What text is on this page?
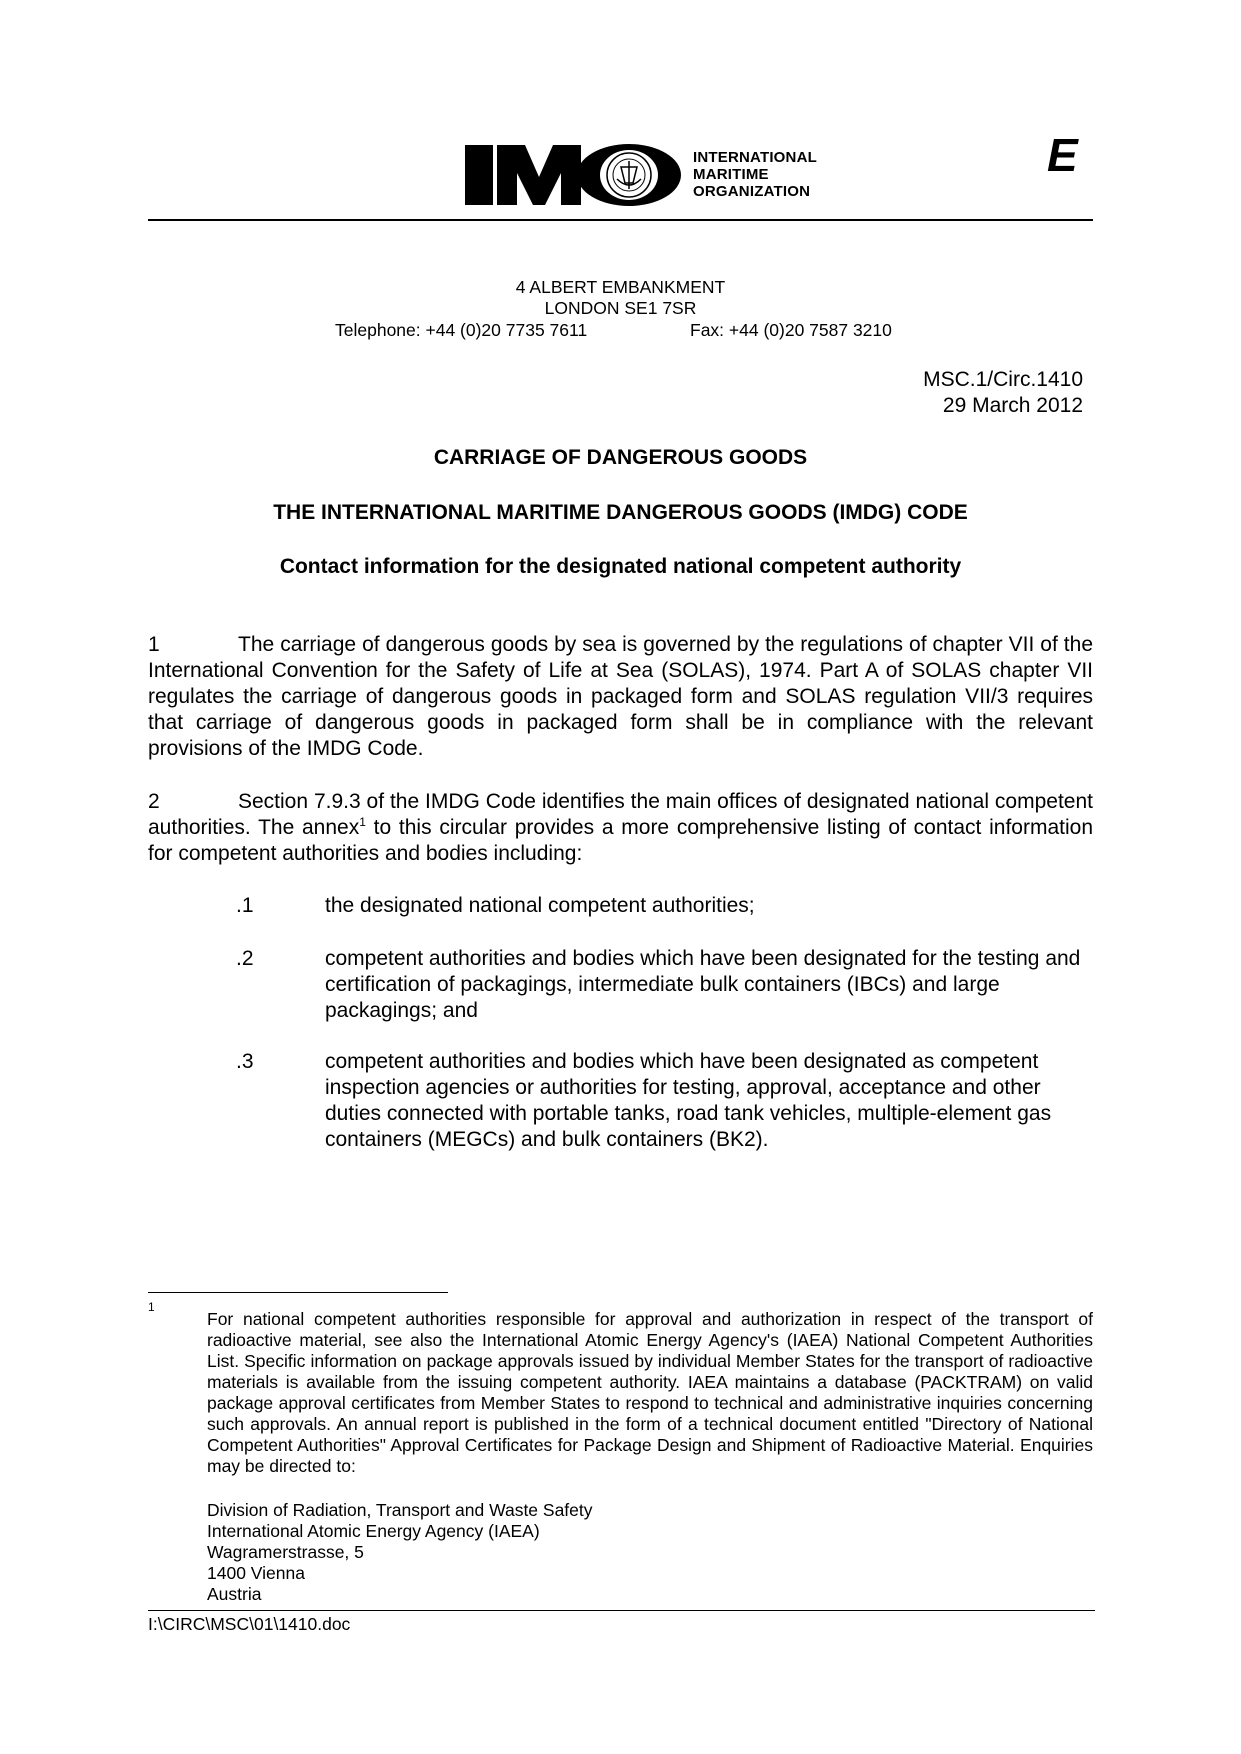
INTERNATIONAL
MARITIME
ORGANIZATION
E
4 ALBERT EMBANKMENT
LONDON SE1 7SR
Telephone: +44 (0)20 7735 7611	Fax: +44 (0)20 7587 3210
MSC.1/Circ.1410
29 March 2012
CARRIAGE OF DANGEROUS GOODS
THE INTERNATIONAL MARITIME DANGEROUS GOODS (IMDG) CODE
Contact information for the designated national competent authority
1	The carriage of dangerous goods by sea is governed by the regulations of chapter VII of the International Convention for the Safety of Life at Sea (SOLAS), 1974. Part A of SOLAS chapter VII regulates the carriage of dangerous goods in packaged form and SOLAS regulation VII/3 requires that carriage of dangerous goods in packaged form shall be in compliance with the relevant provisions of the IMDG Code.
2	Section 7.9.3 of the IMDG Code identifies the main offices of designated national competent authorities. The annex$^1$ to this circular provides a more comprehensive listing of contact information for competent authorities and bodies including:
.1	the designated national competent authorities;
.2	competent authorities and bodies which have been designated for the testing and certification of packagings, intermediate bulk containers (IBCs) and large packagings; and
.3	competent authorities and bodies which have been designated as competent inspection agencies or authorities for testing, approval, acceptance and other duties connected with portable tanks, road tank vehicles, multiple-element gas containers (MEGCs) and bulk containers (BK2).
1
For national competent authorities responsible for approval and authorization in respect of the transport of radioactive material, see also the International Atomic Energy Agency's (IAEA) National Competent Authorities List. Specific information on package approvals issued by individual Member States for the transport of radioactive materials is available from the issuing competent authority. IAEA maintains a database (PACKTRAM) on valid package approval certificates from Member States to respond to technical and administrative inquiries concerning such approvals. An annual report is published in the form of a technical document entitled "Directory of National Competent Authorities" Approval Certificates for Package Design and Shipment of Radioactive Material. Enquiries may be directed to:
Division of Radiation, Transport and Waste Safety
International Atomic Energy Agency (IAEA)
Wagramerstrasse, 5
1400 Vienna
Austria
I:\CIRC\MSC\01\1410.doc
